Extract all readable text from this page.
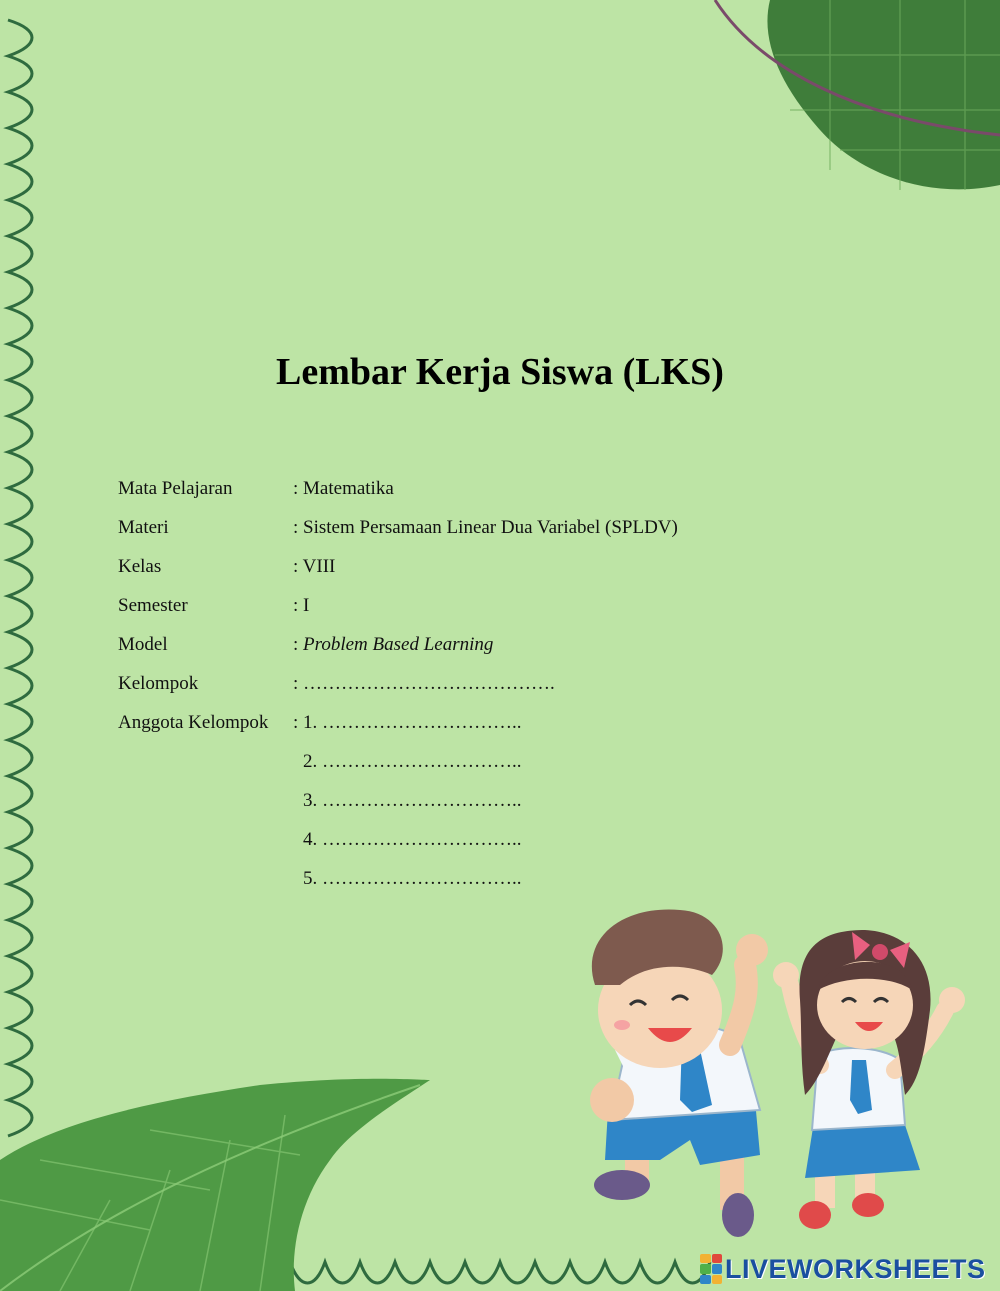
Lembar Kerja Siswa (LKS)
Mata Pelajaran	: Matematika
Materi	: Sistem Persamaan Linear Dua Variabel (SPLDV)
Kelas	: VIII
Semester	: I
Model	: Problem Based Learning
Kelompok	: ………………………………….
Anggota Kelompok : 1. …………………………..
2. …………………………..
3. …………………………..
4. …………………………..
5. …………………………..
LIVEWORKSHEETS
